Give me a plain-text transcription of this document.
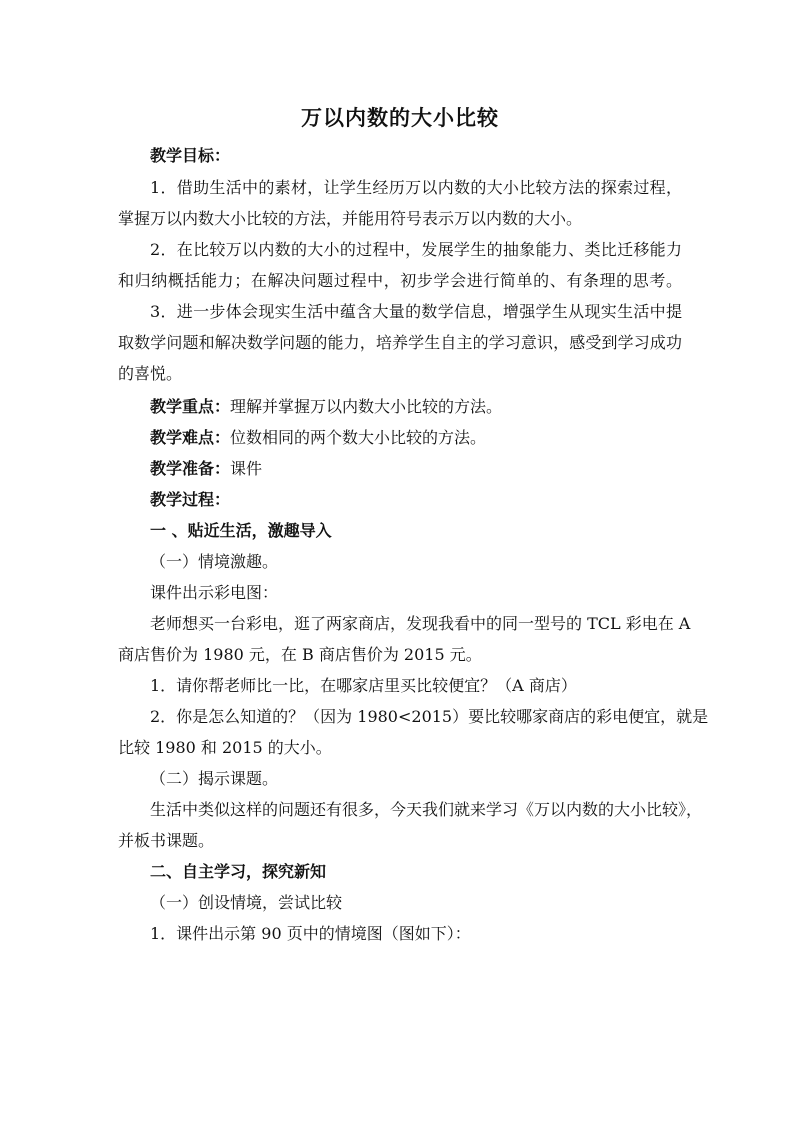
万以内数的大小比较
教学目标：
1．借助生活中的素材，让学生经历万以内数的大小比较方法的探索过程，
掌握万以内数大小比较的方法，并能用符号表示万以内数的大小。
2．在比较万以内数的大小的过程中，发展学生的抽象能力、类比迁移能力
和归纳概括能力；在解决问题过程中，初步学会进行简单的、有条理的思考。
3．进一步体会现实生活中蕴含大量的数学信息，增强学生从现实生活中提
取数学问题和解决数学问题的能力，培养学生自主的学习意识，感受到学习成功
的喜悦。
教学重点：理解并掌握万以内数大小比较的方法。
教学难点：位数相同的两个数大小比较的方法。
教学准备：课件
教学过程：
一 、贴近生活，激趣导入
（一）情境激趣。
课件出示彩电图：
老师想买一台彩电，逛了两家商店，发现我看中的同一型号的 TCL 彩电在 A
商店售价为 1980 元，在 B 商店售价为 2015 元。
1．请你帮老师比一比，在哪家店里买比较便宜？（A 商店）
2．你是怎么知道的？（因为 1980<2015）要比较哪家商店的彩电便宜，就是
比较 1980 和 2015 的大小。
（二）揭示课题。
生活中类似这样的问题还有很多，今天我们就来学习《万以内数的大小比较》，
并板书课题。
二、自主学习，探究新知
（一）创设情境，尝试比较
1．课件出示第 90 页中的情境图（图如下）：
